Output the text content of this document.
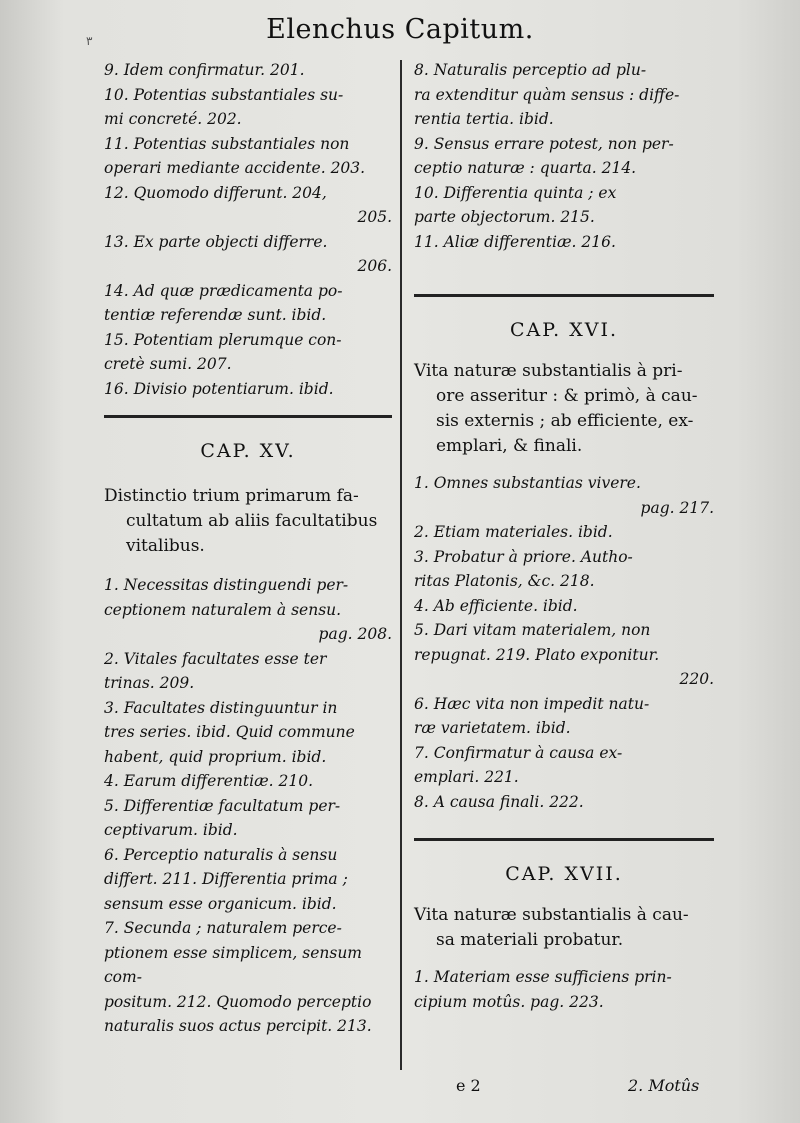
٣	Elenchus Capitum.
9. Idem confirmatur. 201.
10. Potentias substantiales su-
mi concreté. 202.
11. Potentias substantiales non
operari mediante accidente. 203.
12. Quomodo differunt. 204,
205.
13. Ex parte objecti differre.
206.
14. Ad quæ prædicamenta po-
tentiæ referendæ sunt. ibid.
15. Potentiam plerumque con-
cretè sumi. 207.
16. Divisio potentiarum. ibid.
CAP. XV.
Distinctio trium primarum fa-
cultatum ab aliis facultatibus
vitalibus.
1. Necessitas distinguendi per-
ceptionem naturalem à sensu.
pag. 208.
2. Vitales facultates esse ter
trinas. 209.
3. Facultates distinguuntur in
tres series. ibid. Quid commune
habent, quid proprium. ibid.
4. Earum differentiæ. 210.
5. Differentiæ facultatum per-
ceptivarum. ibid.
6. Perceptio naturalis à sensu
differt. 211. Differentia prima ;
sensum esse organicum. ibid.
7. Secunda ; naturalem perce-
ptionem esse simplicem, sensum com-
positum. 212. Quomodo perceptio
naturalis suos actus percipit. 213.
8. Naturalis perceptio ad plu-
ra extenditur quàm sensus : diffe-
rentia tertia. ibid.
9. Sensus errare potest, non per-
ceptio naturæ : quarta. 214.
10. Differentia quinta ; ex
parte objectorum. 215.
11. Aliæ differentiæ. 216.
CAP. XVI.
Vita naturæ substantialis à pri-
ore asseritur : & primò, à cau-
sis externis ; ab efficiente, ex-
emplari, & finali.
1. Omnes substantias vivere.
pag. 217.
2. Etiam materiales. ibid.
3. Probatur à priore. Autho-
ritas Platonis, &c. 218.
4. Ab efficiente. ibid.
5. Dari vitam materialem, non
repugnat. 219. Plato exponitur.
220.
6. Hæc vita non impedit natu-
ræ varietatem. ibid.
7. Confirmatur à causa ex-
emplari. 221.
8. A causa finali. 222.
CAP. XVII.
Vita naturæ substantialis à cau-
sa materiali probatur.
1. Materiam esse sufficiens prin-
cipium motûs. pag. 223.
e 2	2. Motûs
